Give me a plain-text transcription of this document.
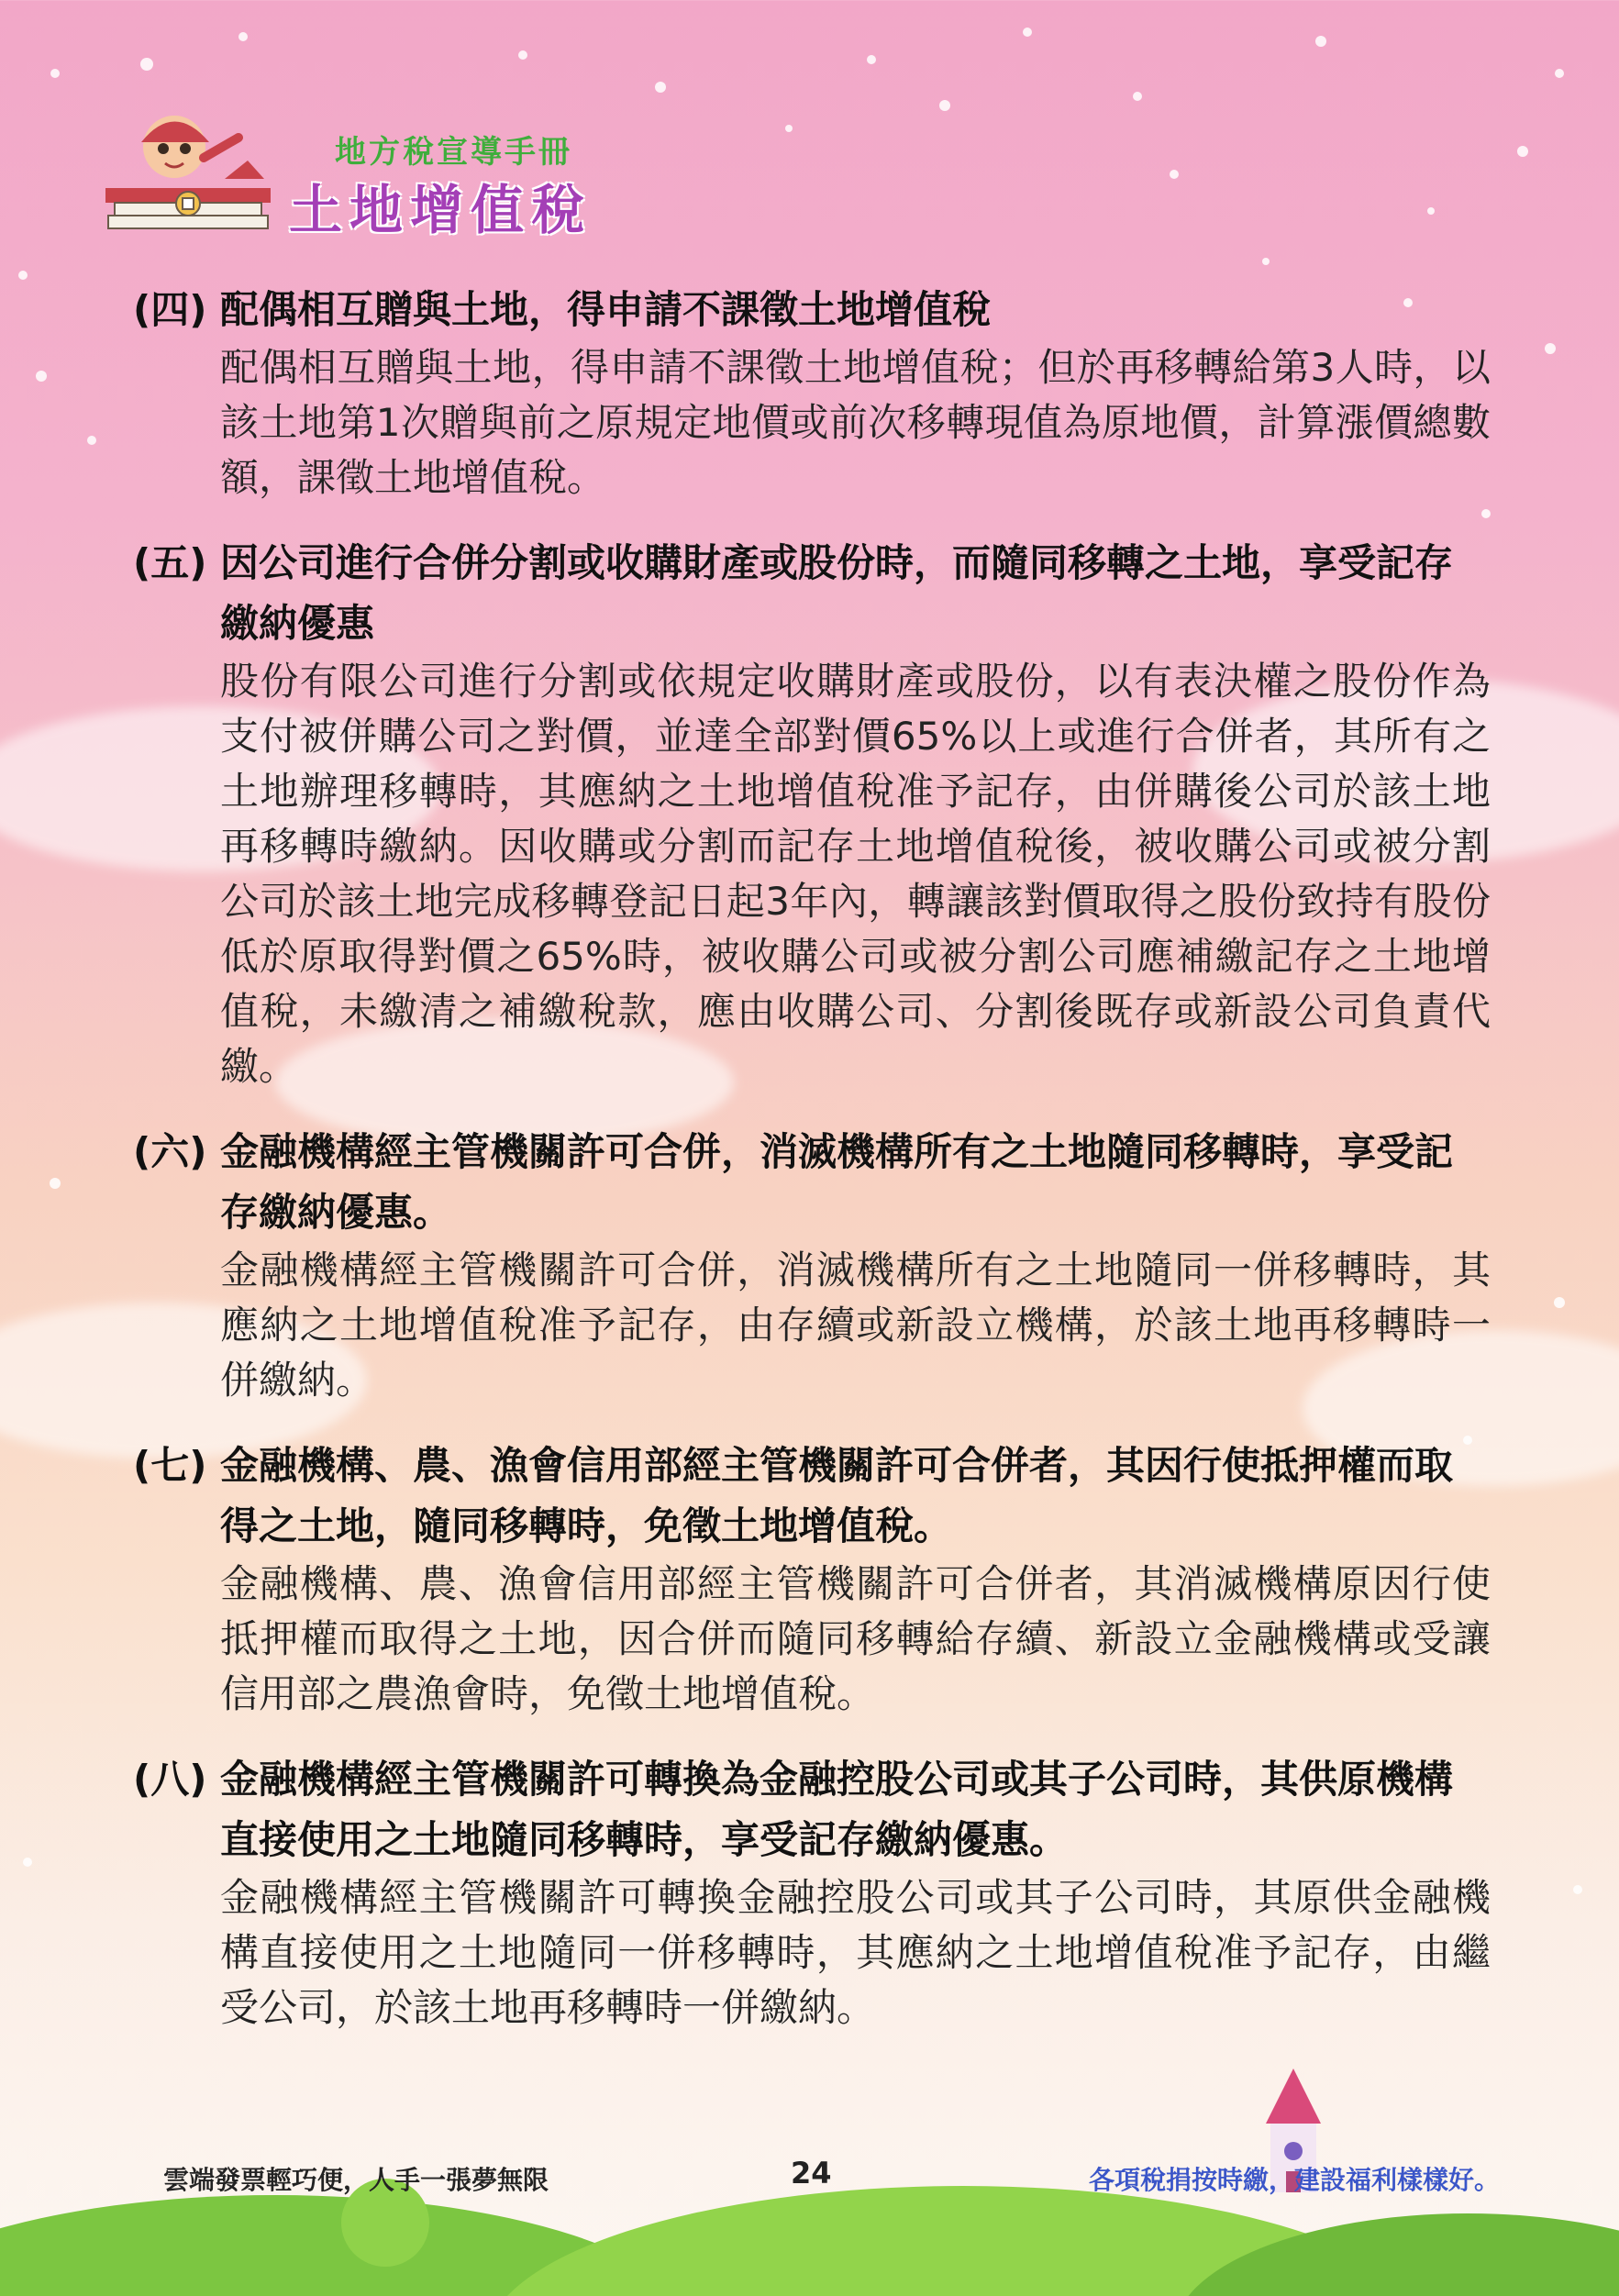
地方稅宣導手冊
土地增值稅
(四) 配偶相互贈與土地，得申請不課徵土地增值稅
配偶相互贈與土地，得申請不課徵土地增值稅；但於再移轉給第3人時，以該土地第1次贈與前之原規定地價或前次移轉現值為原地價，計算漲價總數額，課徵土地增值稅。
(五) 因公司進行合併分割或收購財產或股份時，而隨同移轉之土地，享受記存繳納優惠
股份有限公司進行分割或依規定收購財產或股份，以有表決權之股份作為支付被併購公司之對價，並達全部對價65%以上或進行合併者，其所有之土地辦理移轉時，其應納之土地增值稅准予記存，由併購後公司於該土地再移轉時繳納。因收購或分割而記存土地增值稅後，被收購公司或被分割公司於該土地完成移轉登記日起3年內，轉讓該對價取得之股份致持有股份低於原取得對價之65%時，被收購公司或被分割公司應補繳記存之土地增值稅，未繳清之補繳稅款，應由收購公司、分割後既存或新設公司負責代繳。
(六) 金融機構經主管機關許可合併，消滅機構所有之土地隨同移轉時，享受記存繳納優惠。
金融機構經主管機關許可合併，消滅機構所有之土地隨同一併移轉時，其應納之土地增值稅准予記存，由存續或新設立機構，於該土地再移轉時一併繳納。
(七) 金融機構、農、漁會信用部經主管機關許可合併者，其因行使抵押權而取得之土地，隨同移轉時，免徵土地增值稅。
金融機構、農、漁會信用部經主管機關許可合併者，其消滅機構原因行使抵押權而取得之土地，因合併而隨同移轉給存續、新設立金融機構或受讓信用部之農漁會時，免徵土地增值稅。
(八) 金融機構經主管機關許可轉換為金融控股公司或其子公司時，其供原機構直接使用之土地隨同移轉時，享受記存繳納優惠。
金融機構經主管機關許可轉換金融控股公司或其子公司時，其原供金融機構直接使用之土地隨同一併移轉時，其應納之土地增值稅准予記存，由繼受公司，於該土地再移轉時一併繳納。
雲端發票輕巧便，人手一張夢無限	24	各項稅捐按時繳，建設福利樣樣好。
